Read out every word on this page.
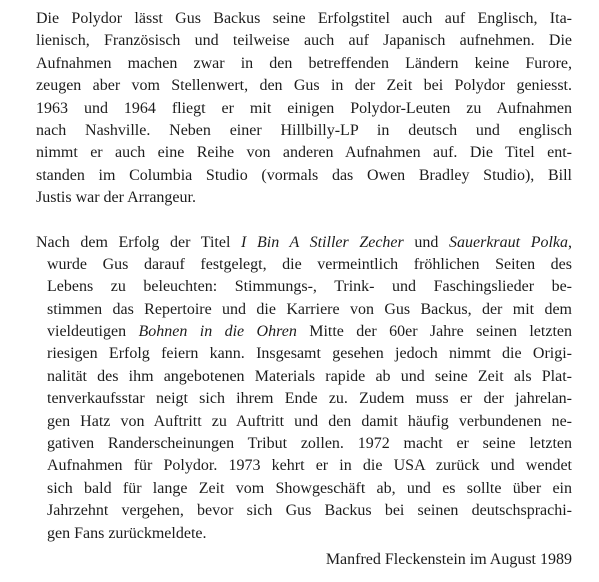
Die Polydor lässt Gus Backus seine Erfolgstitel auch auf Englisch, Ita-
lienisch, Französisch und teilweise auch auf Japanisch aufnehmen. Die
Aufnahmen machen zwar in den betreffenden Ländern keine Furore,
zeugen aber vom Stellenwert, den Gus in der Zeit bei Polydor geniesst.
1963 und 1964 fliegt er mit einigen Polydor-Leuten zu Aufnahmen
nach Nashville. Neben einer Hillbilly-LP in deutsch und englisch
nimmt er auch eine Reihe von anderen Aufnahmen auf. Die Titel ent-
standen im Columbia Studio (vormals das Owen Bradley Studio), Bill
Justis war der Arrangeur.
Nach dem Erfolg der Titel I Bin A Stiller Zecher und Sauerkraut Polka,
wurde Gus darauf festgelegt, die vermeintlich fröhlichen Seiten des
Lebens zu beleuchten: Stimmungs-, Trink- und Faschingslieder be-
stimmen das Repertoire und die Karriere von Gus Backus, der mit dem
vieldeutigen Bohnen in die Ohren Mitte der 60er Jahre seinen letzten
riesigen Erfolg feiern kann. Insgesamt gesehen jedoch nimmt die Origi-
nalität des ihm angebotenen Materials rapide ab und seine Zeit als Plat-
tenverkaufsstar neigt sich ihrem Ende zu. Zudem muss er der jahrelan-
gen Hatz von Auftritt zu Auftritt und den damit häufig verbundenen ne-
gativen Randerscheinungen Tribut zollen. 1972 macht er seine letzten
Aufnahmen für Polydor. 1973 kehrt er in die USA zurück und wendet
sich bald für lange Zeit vom Showgeschäft ab, und es sollte über ein
Jahrzehnt vergehen, bevor sich Gus Backus bei seinen deutschsprachi-
gen Fans zurückmeldete.
Manfred Fleckenstein im August 1989
